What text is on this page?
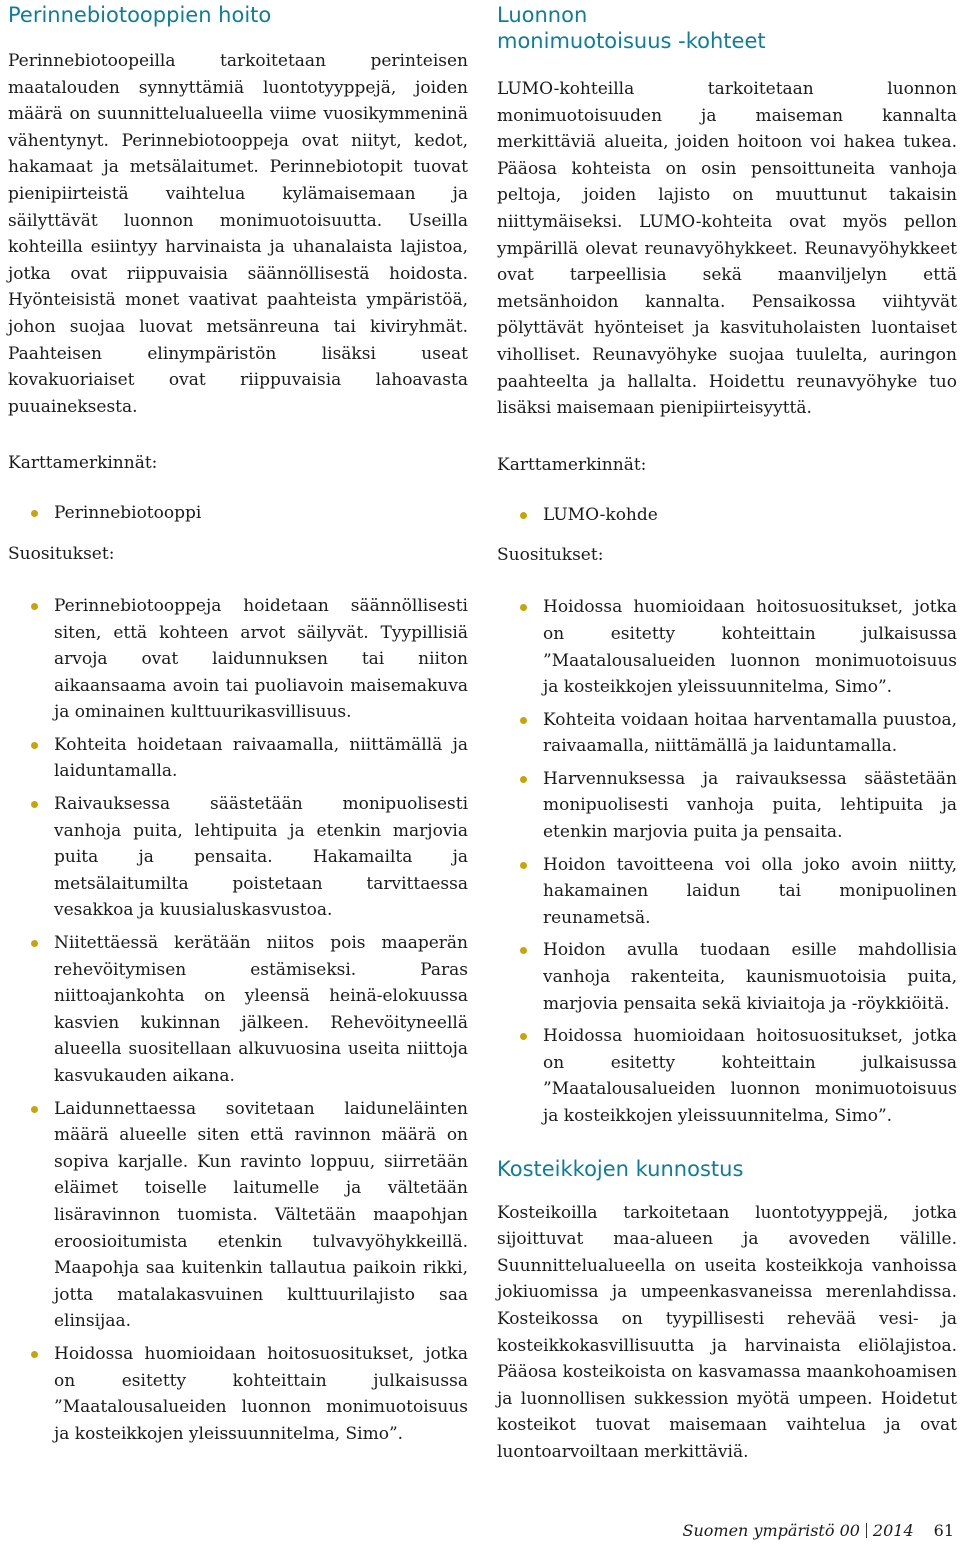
Perinnebiotooppien hoito

Perinnebiotoopeilla tarkoitetaan perinteisen maatalouden synnyttämiä luontotyyppejä, joiden määrä on suunnittelualueella viime vuosikymmeninä vähentynyt. Perinnebiotooppeja ovat niityt, kedot, hakamaat ja metsälaitumet. Perinnebiotopit tuovat pienipiirteistä vaihtelua kylämaisemaan ja säilyttävät luonnon monimuotoisuutta. Useilla kohteilla esiintyy harvinaista ja uhanalaista lajistoa, jotka ovat riippuvaisia säännöllisestä hoidosta. Hyönteisistä monet vaativat paahteista ympäristöä, johon suojaa luovat metsänreuna tai kiviryhmät. Paahteisen elinympäristön lisäksi useat kovakuoriaiset ovat riippuvaisia lahoavasta puuaineksesta.

Karttamerkinnät:

Perinnebiotooppi

Suositukset:

Perinnebiotooppeja hoidetaan säännöllisesti siten, että kohteen arvot säilyvät. Tyypillisiä arvoja ovat laidunnuksen tai niiton aikaansaama avoin tai puoliavoin maisemakuva ja ominainen kulttuurikasvillisuus.
Kohteita hoidetaan raivaamalla, niittämällä ja laiduntamalla.
Raivauksessa säästetään monipuolisesti vanhoja puita, lehtipuita ja etenkin marjovia puita ja pensaita. Hakamailta ja metsälaitumilta poistetaan tarvittaessa vesakkoa ja kuusialuskasvustoa.
Niitettäessä kerätään niitos pois maaperän rehevöitymisen estämiseksi. Paras niittoajankohta on yleensä heinä-elokuussa kasvien kukinnan jälkeen. Rehevöityneellä alueella suositellaan alkuvuosina useita niittoja kasvukauden aikana.
Laidunnettaessa sovitetaan laiduneläinten määrä alueelle siten että ravinnon määrä on sopiva karjalle. Kun ravinto loppuu, siirretään eläimet toiselle laitumelle ja vältetään lisäravinnon tuomista. Vältetään maapohjan eroosioitumista etenkin tulvavyöhykkeillä. Maapohja saa kuitenkin tallautua paikoin rikki, jotta matalakasvuinen kulttuurilajisto saa elinsijaa.
Hoidossa huomioidaan hoitosuositukset, jotka on esitetty kohteittain julkaisussa ”Maatalousalueiden luonnon monimuotoisuus ja kosteikkojen yleissuunnitelma, Simo”.
Luonnon
monimuotoisuus -kohteet

LUMO-kohteilla tarkoitetaan luonnon monimuotoisuuden ja maiseman kannalta merkittäviä alueita, joiden hoitoon voi hakea tukea. Pääosa kohteista on osin pensoittuneita vanhoja peltoja, joiden lajisto on muuttunut takaisin niittymäiseksi. LUMO-kohteita ovat myös pellon ympärillä olevat reunavyöhykkeet. Reunavyöhykkeet ovat tarpeellisia sekä maanviljelyn että metsänhoidon kannalta. Pensaikossa viihtyvät pölyttävät hyönteiset ja kasvituholaisten luontaiset viholliset. Reunavyöhyke suojaa tuulelta, auringon paahteelta ja hallalta. Hoidettu reunavyöhyke tuo lisäksi maisemaan pienipiirteisyyttä.

Karttamerkinnät:

LUMO-kohde

Suositukset:

Hoidossa huomioidaan hoitosuositukset, jotka on esitetty kohteittain julkaisussa ”Maatalousalueiden luonnon monimuotoisuus ja kosteikkojen yleissuunnitelma, Simo”.
Kohteita voidaan hoitaa harventamalla puustoa, raivaamalla, niittämällä ja laiduntamalla.
Harvennuksessa ja raivauksessa säästetään monipuolisesti vanhoja puita, lehtipuita ja etenkin marjovia puita ja pensaita.
Hoidon tavoitteena voi olla joko avoin niitty, hakamainen laidun tai monipuolinen reunametsä.
Hoidon avulla tuodaan esille mahdollisia vanhoja rakenteita, kaunismuotoisia puita, marjovia pensaita sekä kiviaitoja ja -röykkiöitä.
Hoidossa huomioidaan hoitosuositukset, jotka on esitetty kohteittain julkaisussa ”Maatalousalueiden luonnon monimuotoisuus ja kosteikkojen yleissuunnitelma, Simo”.
Kosteikkojen kunnostus

Kosteikoilla tarkoitetaan luontotyyppejä, jotka sijoittuvat maa-alueen ja avoveden välille. Suunnittelualueella on useita kosteikkoja vanhoissa jokiuomissa ja umpeenkasvaneissa merenlahdissa. Kosteikossa on tyypillisesti rehevää vesi- ja kosteikkokasvillisuutta ja harvinaista eliölajistoa. Pääosa kosteikoista on kasvamassa maankohoamisen ja luonnollisen sukkession myötä umpeen. Hoidetut kosteikot tuovat maisemaan vaihtelua ja ovat luontoarvoiltaan merkittäviä.

Suomen ympäristö 00 2014 61
